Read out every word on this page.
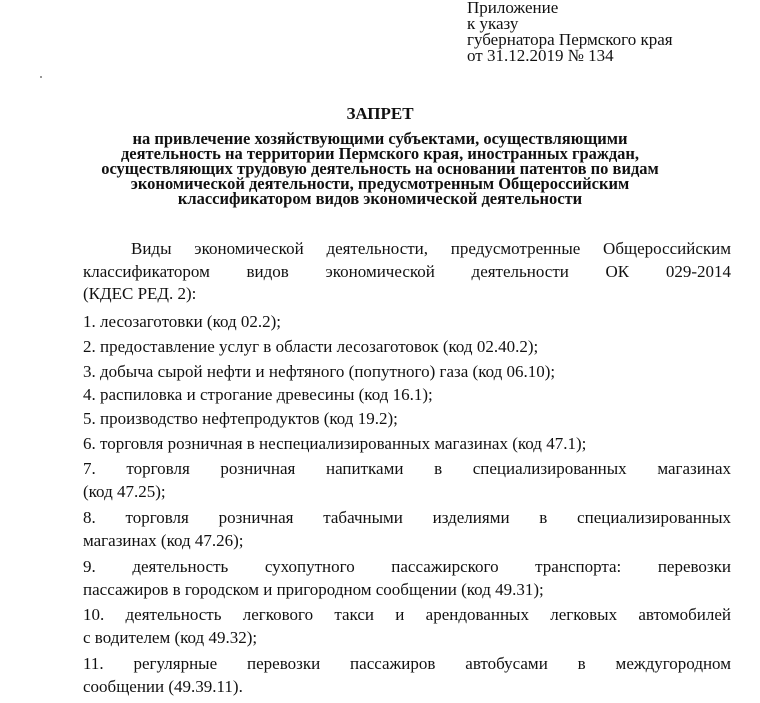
Приложение
к указу
губернатора Пермского края
от 31.12.2019 № 134
ЗАПРЕТ
на привлечение хозяйствующими субъектами, осуществляющими
деятельность на территории Пермского края, иностранных граждан,
осуществляющих трудовую деятельность на основании патентов по видам
экономической деятельности, предусмотренным Общероссийским
классификатором видов экономической деятельности
Виды экономической деятельности, предусмотренные Общероссийским
классификатором видов экономической деятельности ОК 029-2014
(КДЕС РЕД. 2):
1. лесозаготовки (код 02.2);
2. предоставление услуг в области лесозаготовок (код 02.40.2);
3. добыча сырой нефти и нефтяного (попутного) газа (код 06.10);
4. распиловка и строгание древесины (код 16.1);
5. производство нефтепродуктов (код 19.2);
6. торговля розничная в неспециализированных магазинах (код 47.1);
7. торговля розничная напитками в специализированных магазинах
(код 47.25);
8. торговля розничная табачными изделиями в специализированных
магазинах (код 47.26);
9. деятельность сухопутного пассажирского транспорта: перевозки
пассажиров в городском и пригородном сообщении (код 49.31);
10. деятельность легкового такси и арендованных легковых автомобилей
с водителем (код 49.32);
11. регулярные перевозки пассажиров автобусами в междугородном
сообщении (49.39.11).
